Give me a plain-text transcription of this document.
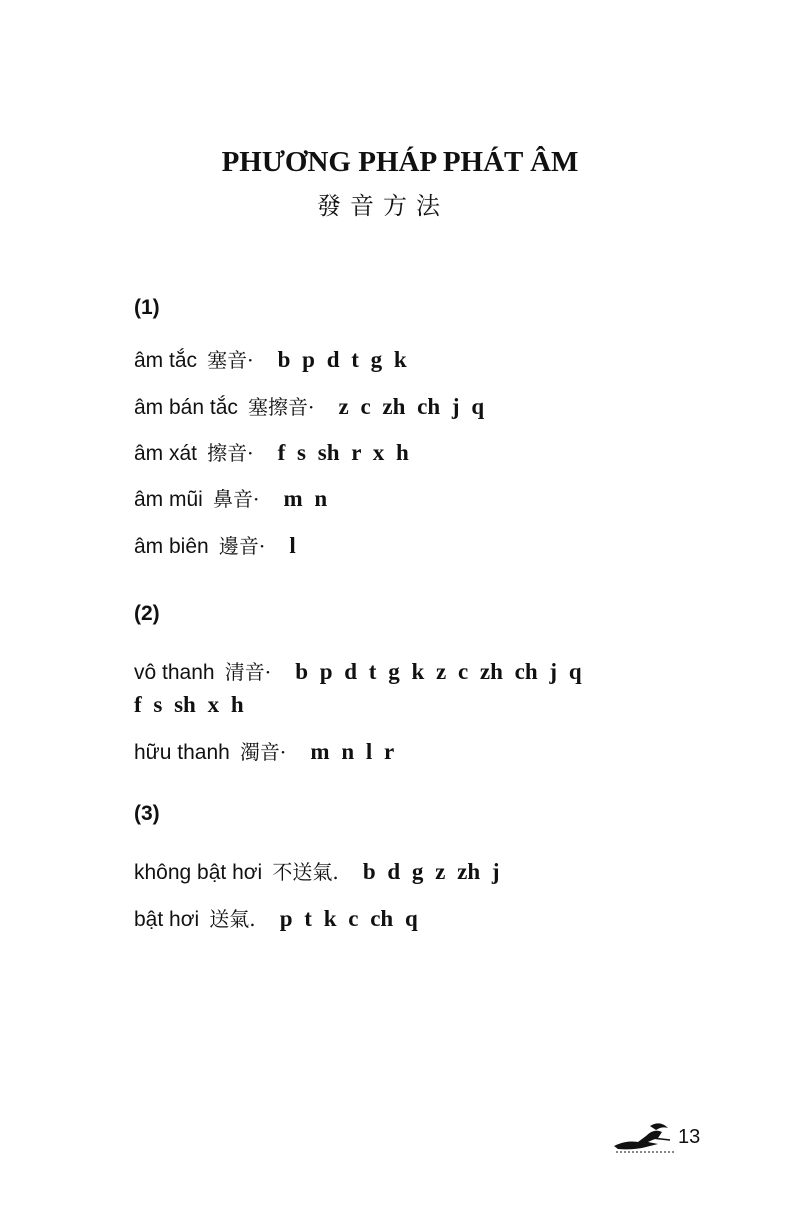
PHƯƠNG PHÁP PHÁT ÂM
發音方法
(1)
âm tắc 塞音· b p d t g k
âm bán tắc 塞擦音· z c zh ch j q
âm xát 擦音· f s sh r x h
âm mũi 鼻音· m n
âm biên 邊音· l
(2)
vô thanh 清音· b p d t g k z c zh ch j q
f s sh x h
hữu thanh 濁音· m n l r
(3)
không bật hơi 不送氣. b d g z zh j
bật hơi 送氣. p t k c ch q
13
